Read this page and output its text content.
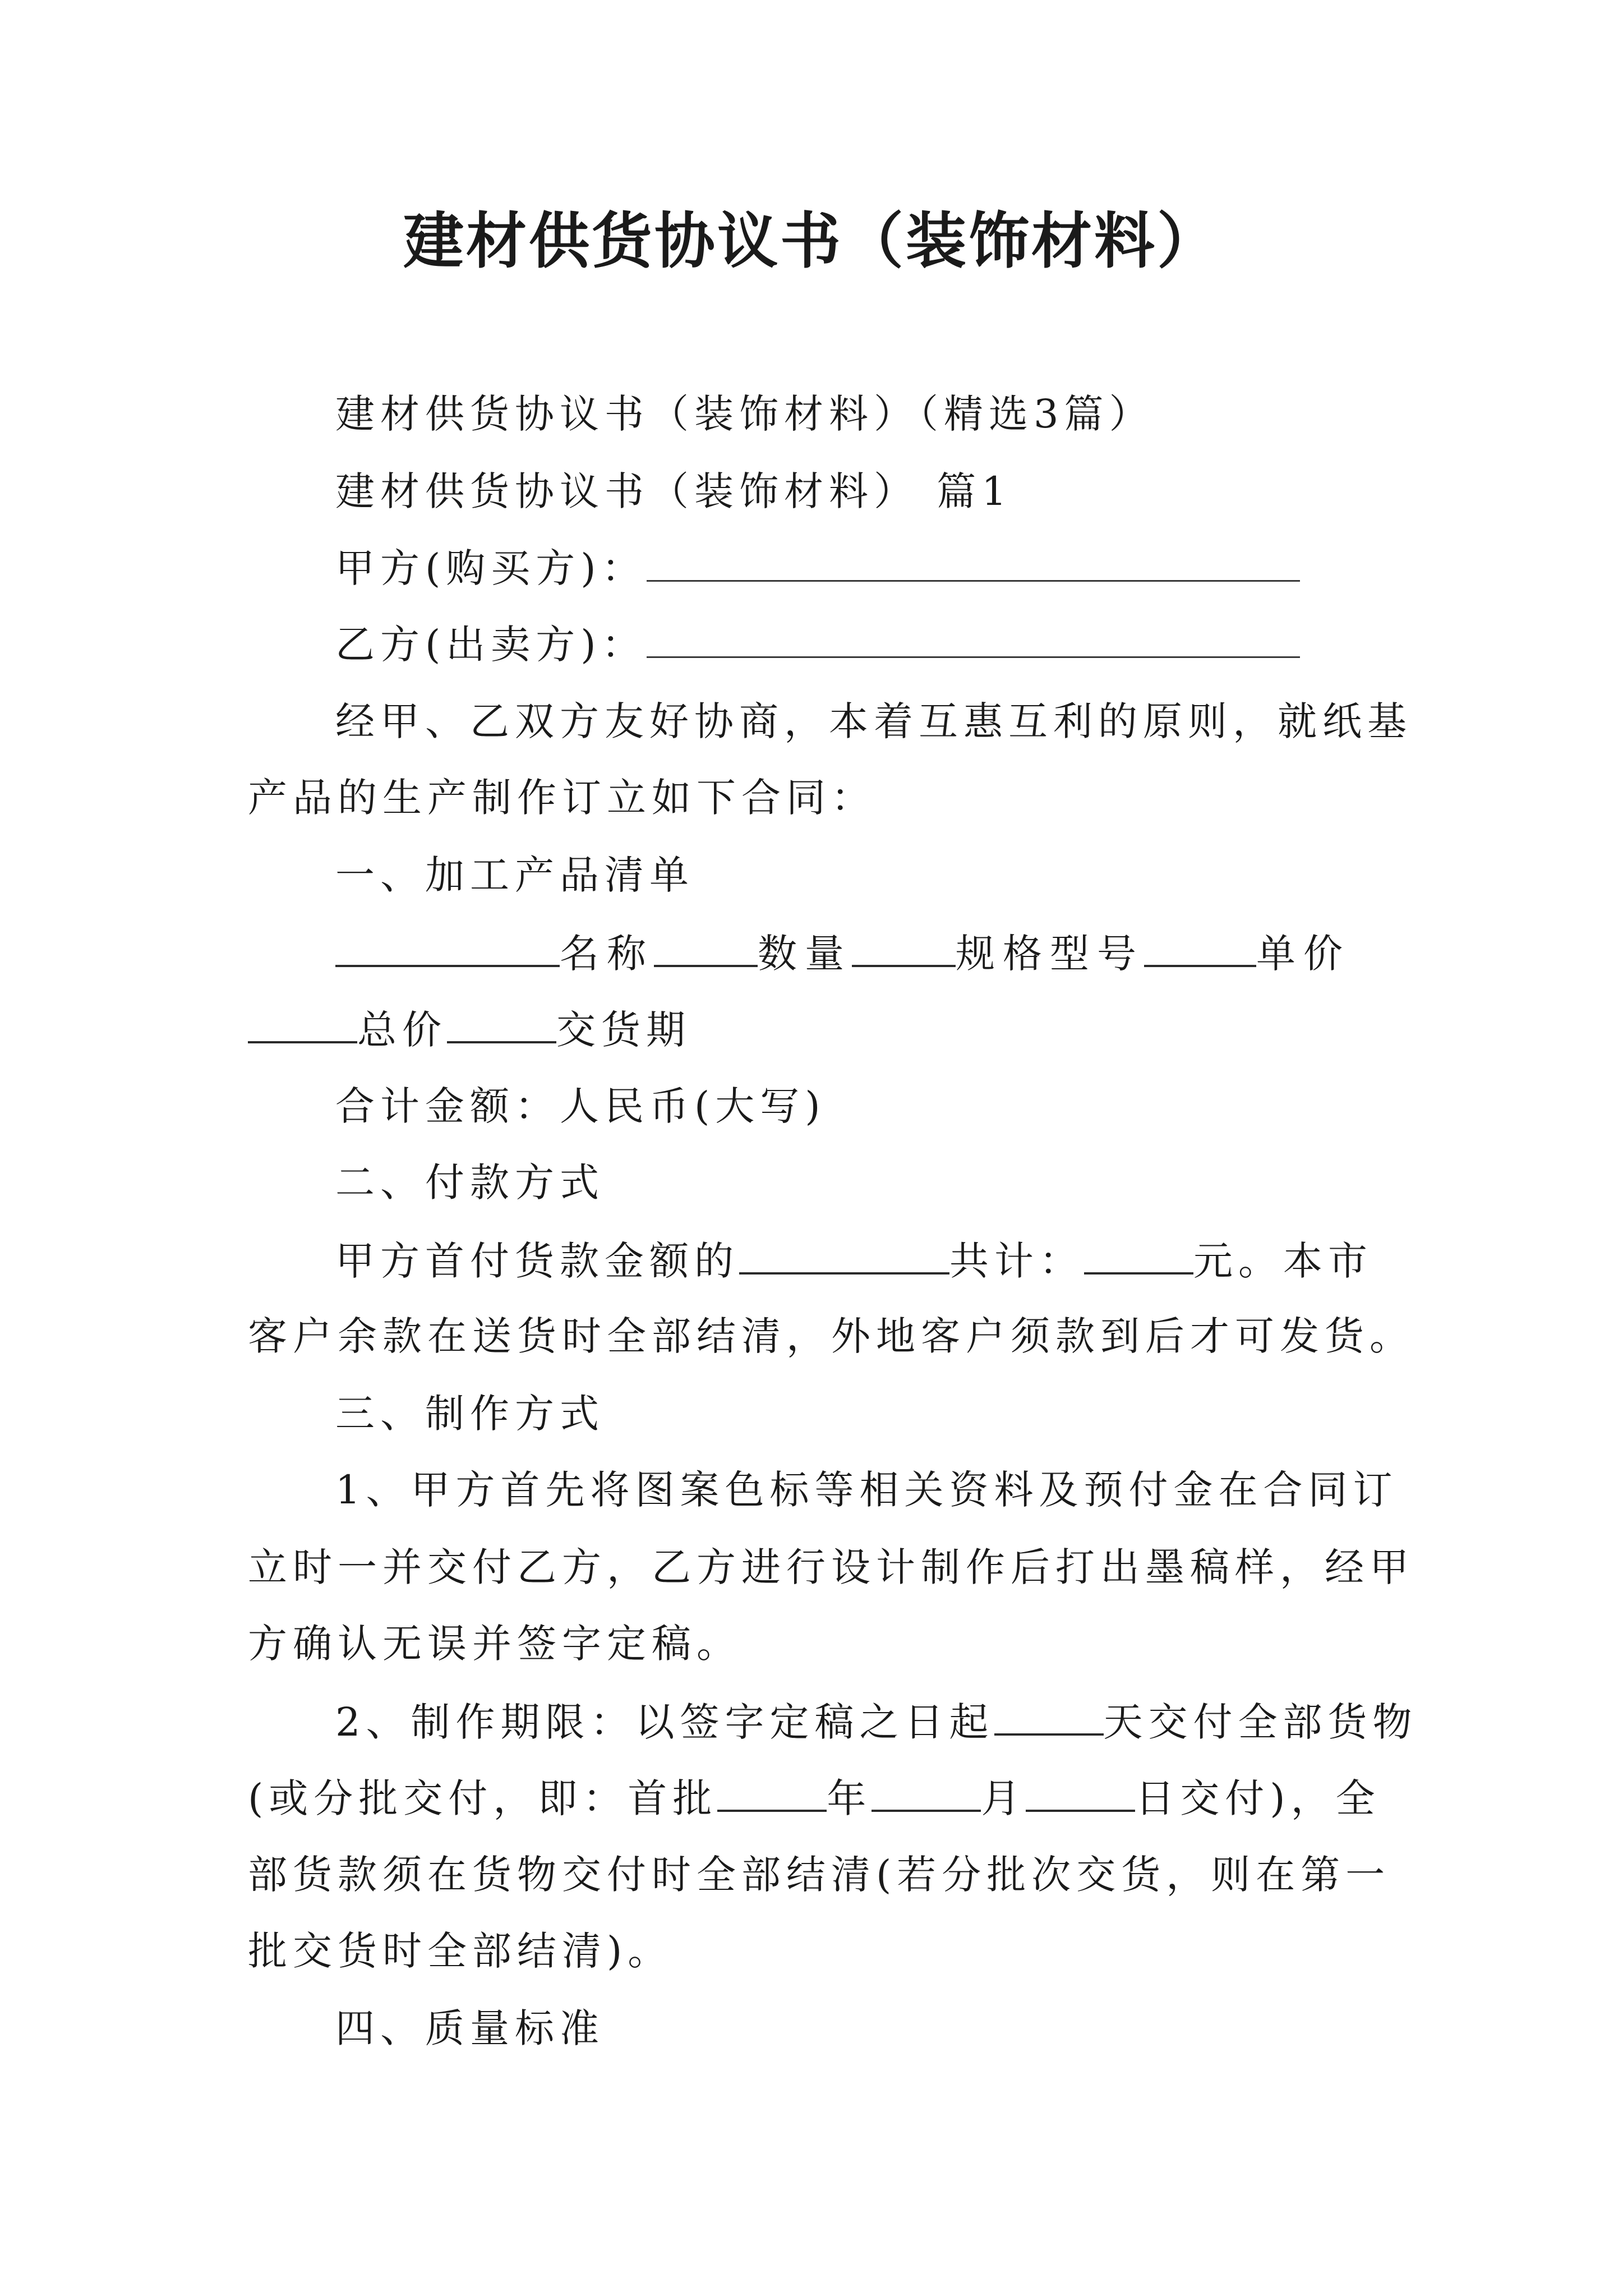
建材供货协议书（装饰材料）
建材供货协议书（装饰材料）（精选3篇）
建材供货协议书（装饰材料） 篇1
甲方(购买方)：
乙方(出卖方)：
经甲、乙双方友好协商，本着互惠互利的原则，就纸基
产品的生产制作订立如下合同：
一、加工产品清单
名称	数量	规格型号	单价
总价	交货期
合计金额：人民币(大写)
二、付款方式
甲方首付货款金额的	共计：	元。本市
客户余款在送货时全部结清，外地客户须款到后才可发货。
三、制作方式
1、甲方首先将图案色标等相关资料及预付金在合同订
立时一并交付乙方，乙方进行设计制作后打出墨稿样，经甲
方确认无误并签字定稿。
2、制作期限：以签字定稿之日起	天交付全部货物
(或分批交付，即：首批	年	月	日交付)，全
部货款须在货物交付时全部结清(若分批次交货，则在第一
批交货时全部结清)。
四、质量标准
